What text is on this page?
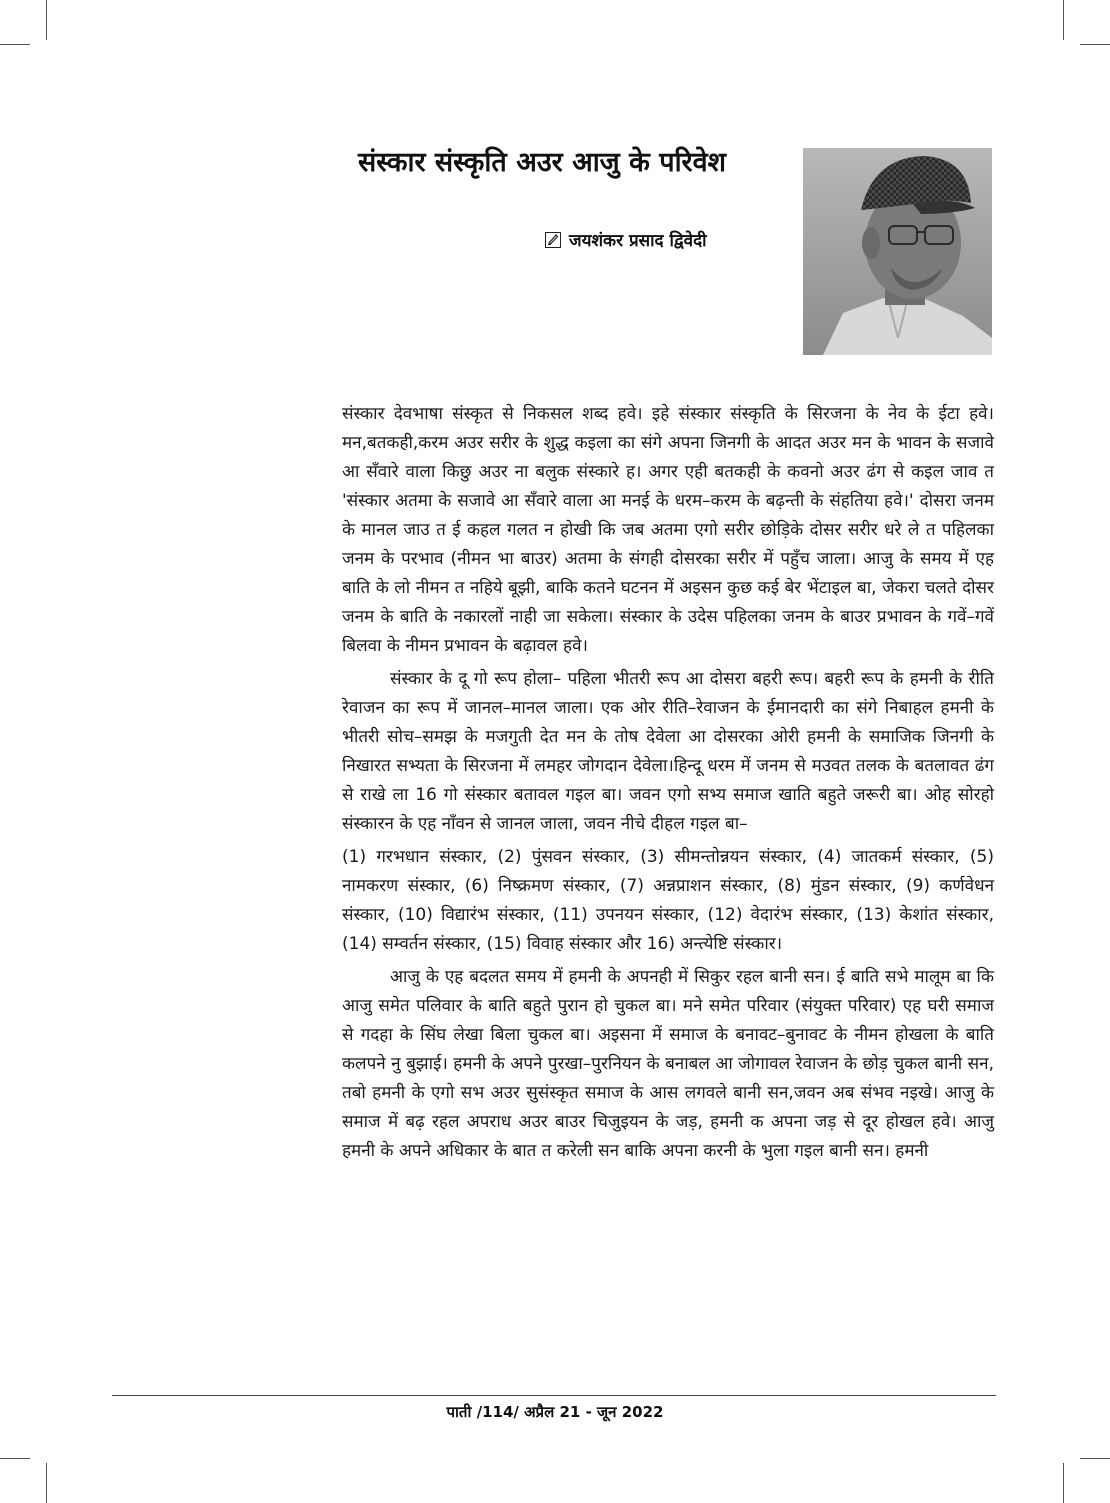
संस्कार संस्कृति अउर आजु के परिवेश
जयशंकर प्रसाद द्विवेदी

संस्कार देवभाषा संस्कृत से निकसल शब्द हवे। इहे संस्कार संस्कृति के सिरजना के नेव के ईटा हवे। मन,बतकही,करम अउर सरीर के शुद्ध कइला का संगे अपना जिनगी के आदत अउर मन के भावन के सजावे आ सँवारे वाला किछु अउर ना बलुक संस्कारे ह। अगर एही बतकही के कवनो अउर ढंग से कइल जाव त 'संस्कार अतमा के सजावे आ सँवारे वाला आ मनई के धरम–करम के बढ़न्ती के संहतिया हवे।' दोसरा जनम के मानल जाउ त ई कहल गलत न होखी कि जब अतमा एगो सरीर छोड़िके दोसर सरीर धरे ले त पहिलका जनम के परभाव (नीमन भा बाउर) अतमा के संगही दोसरका सरीर में पहुँच जाला। आजु के समय में एह बाति के लो नीमन त नहिये बूझी, बाकि कतने घटनन में अइसन कुछ कई बेर भेंटाइल बा, जेकरा चलते दोसर जनम के बाति के नकारलों नाही जा सकेला। संस्कार के उदेस पहिलका जनम के बाउर प्रभावन के गवें–गवें बिलवा के नीमन प्रभावन के बढ़ावल हवे।

संस्कार के दू गो रूप होला– पहिला भीतरी रूप आ दोसरा बहरी रूप। बहरी रूप के हमनी के रीति रेवाजन का रूप में जानल–मानल जाला। एक ओर रीति–रेवाजन के ईमानदारी का संगे निबाहल हमनी के भीतरी सोच–समझ के मजगुती देत मन के तोष देवेला आ दोसरका ओरी हमनी के समाजिक जिनगी के निखारत सभ्यता के सिरजना में लमहर जोगदान देवेला।हिन्दू धरम में जनम से मउवत तलक के बतलावत ढंग से राखे ला 16 गो संस्कार बतावल गइल बा। जवन एगो सभ्य समाज खाति बहुते जरूरी बा। ओह सोरहो संस्कारन के एह नाँवन से जानल जाला, जवन नीचे दीहल गइल बा–

(1) गरभधान संस्कार, (2) पुंसवन संस्कार, (3) सीमन्तोन्नयन संस्कार, (4) जातकर्म संस्कार, (5) नामकरण संस्कार, (6) निष्क्रमण संस्कार, (7) अन्नप्राशन संस्कार, (8) मुंडन संस्कार, (9) कर्णवेधन संस्कार, (10) विद्यारंभ संस्कार, (11) उपनयन संस्कार, (12) वेदारंभ संस्कार, (13) केशांत संस्कार, (14) सम्वर्तन संस्कार, (15) विवाह संस्कार और 16) अन्त्येष्टि संस्कार।

आजु के एह बदलत समय में हमनी के अपनही में सिकुर रहल बानी सन। ई बाति सभे मालूम बा कि आजु समेत पलिवार के बाति बहुते पुरान हो चुकल बा। मने समेत परिवार (संयुक्त परिवार) एह घरी समाज से गदहा के सिंघ लेखा बिला चुकल बा। अइसना में समाज के बनावट–बुनावट के नीमन होखला के बाति कलपने नु बुझाई। हमनी के अपने पुरखा–पुरनियन के बनाबल आ जोगावल रेवाजन के छोड़ चुकल बानी सन, तबो हमनी के एगो सभ अउर सुसंस्कृत समाज के आस लगवले बानी सन,जवन अब संभव नइखे। आजु के समाज में बढ़ रहल अपराध अउर बाउर चिजुइयन के जड़, हमनी क अपना जड़ से दूर होखल हवे। आजु हमनी के अपने अधिकार के बात त करेली सन बाकि अपना करनी के भुला गइल बानी सन। हमनी

पाती /114/ अप्रैल 21 - जून 2022
